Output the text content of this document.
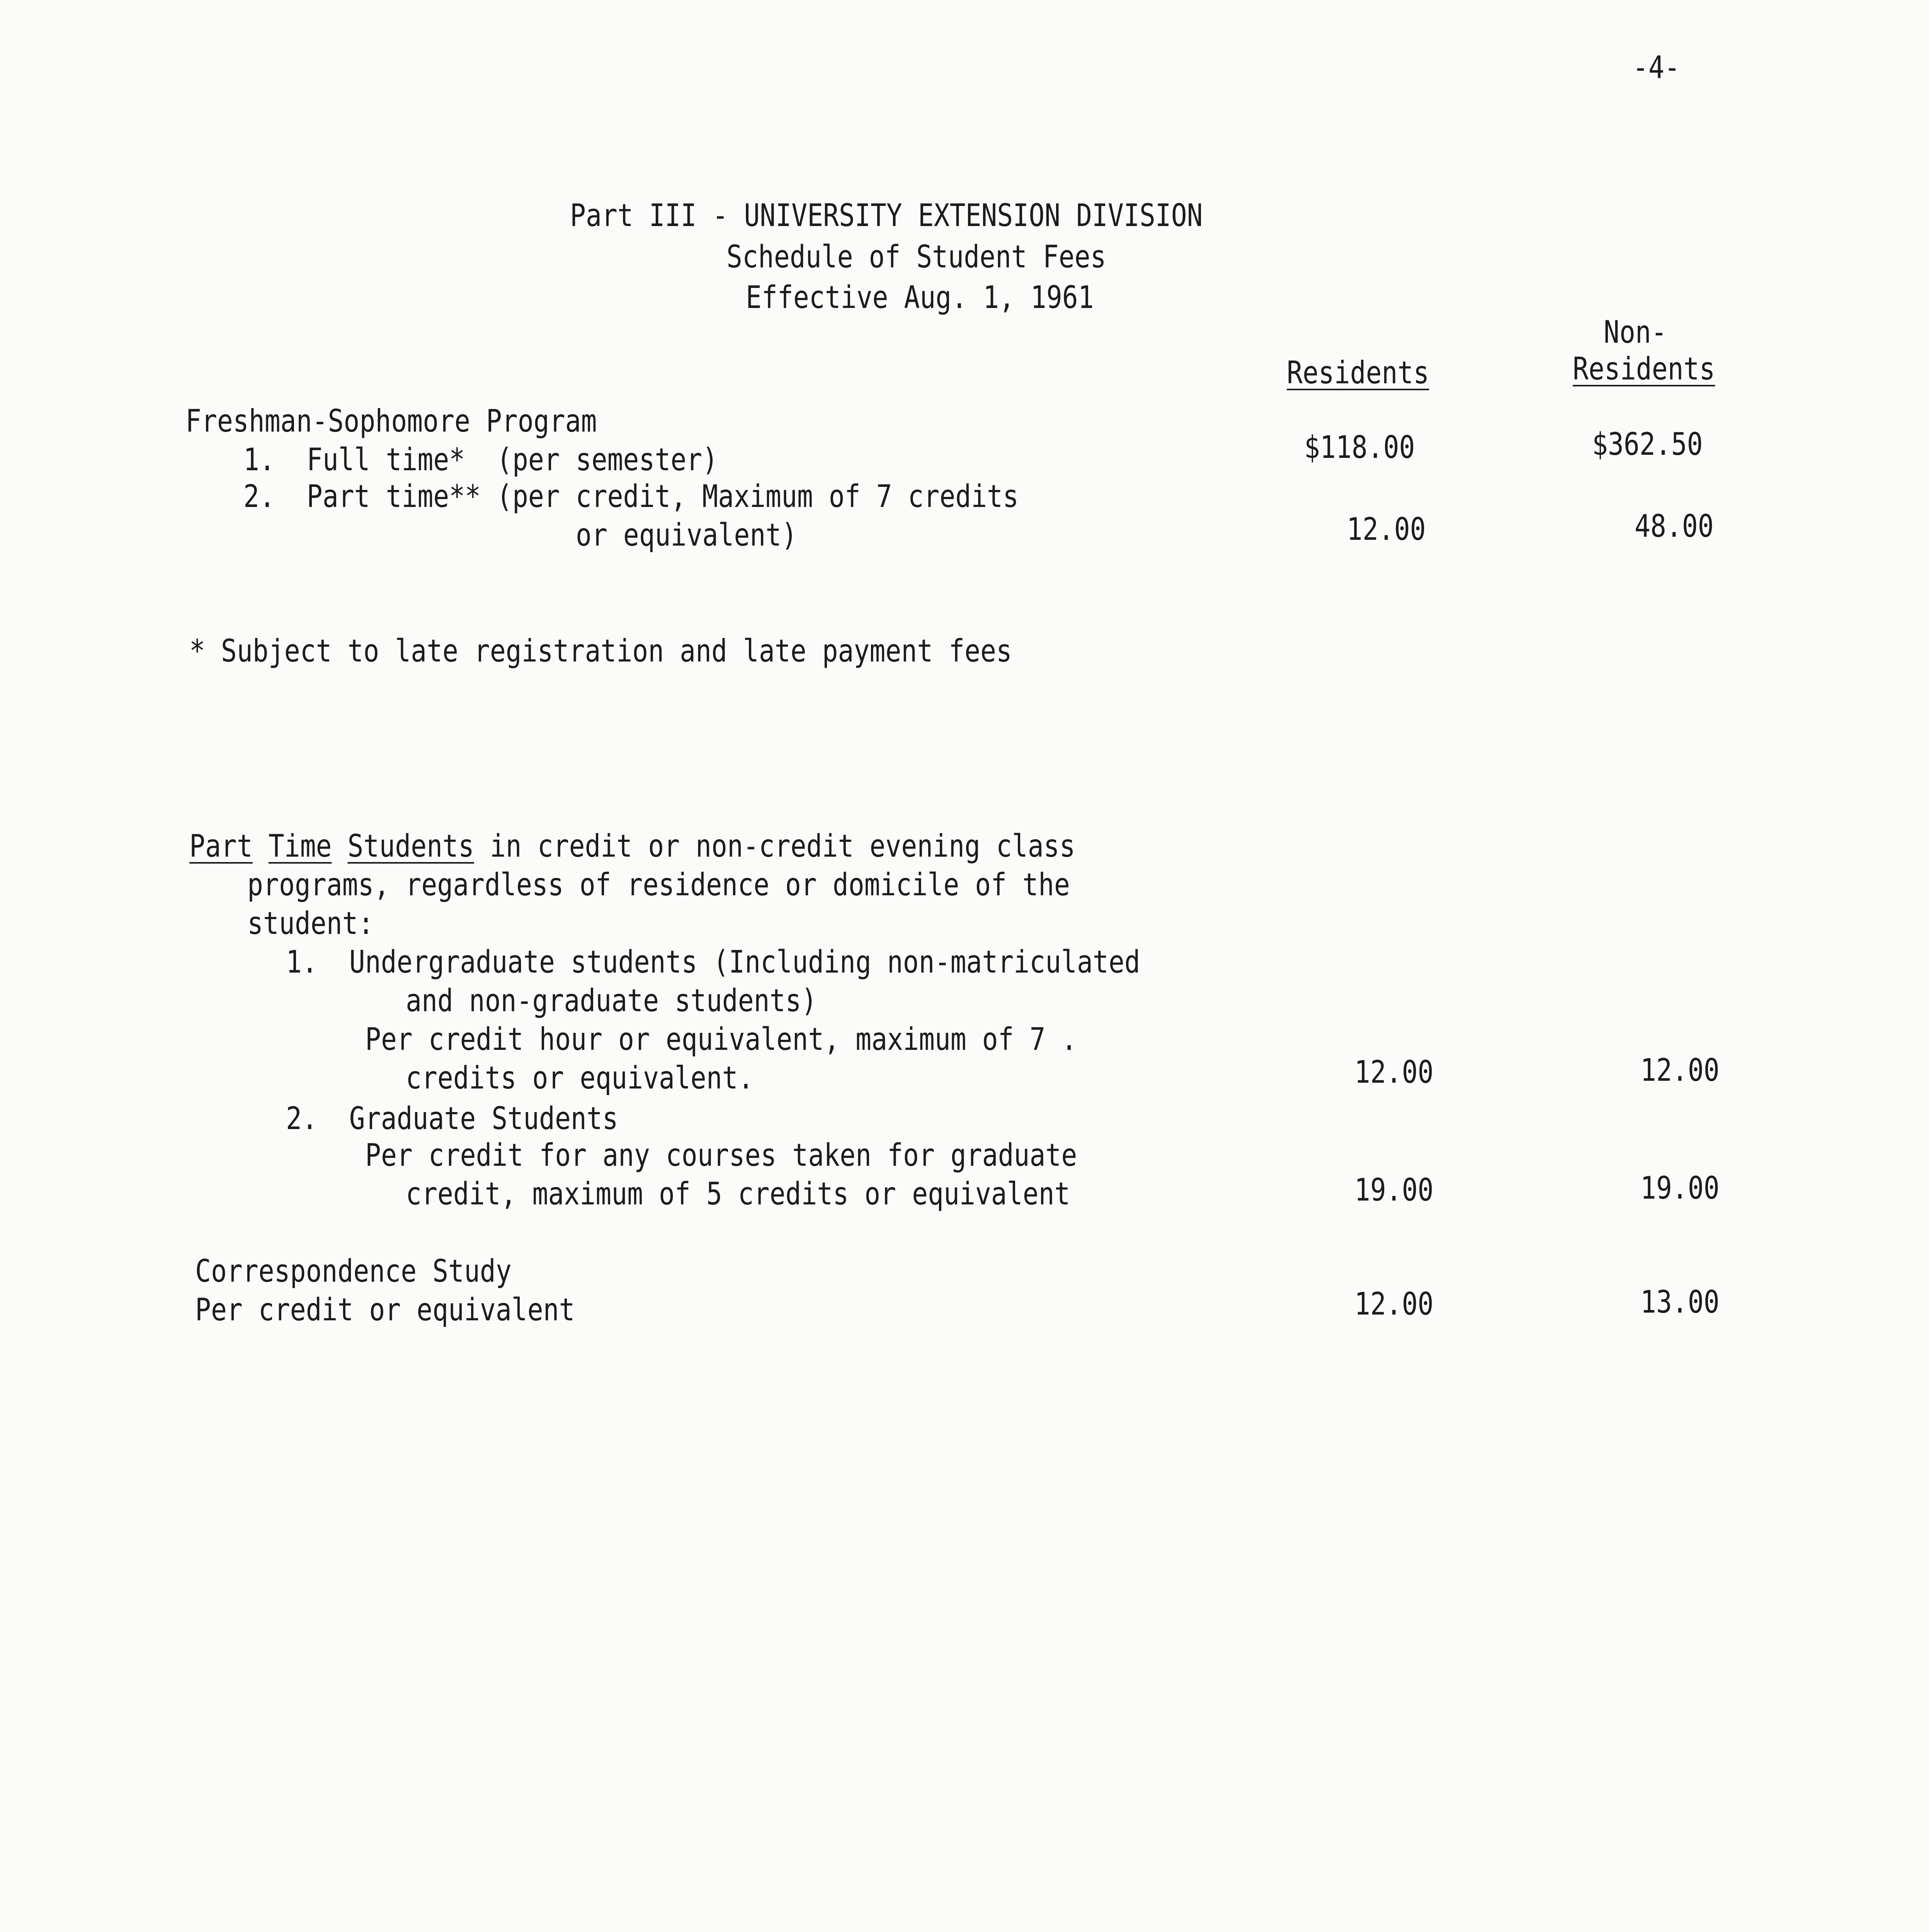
-4-
Part III - UNIVERSITY EXTENSION DIVISION
Schedule of Student Fees
Effective Aug. 1, 1961
Non-
Residents	Residents
Freshman-Sophomore Program
1.  Full time*  (per semester)	$118.00	$362.50
2.  Part time** (per credit, Maximum of 7 credits
or equivalent)	12.00	48.00
* Subject to late registration and late payment fees
Part Time Students in credit or non-credit evening class
programs, regardless of residence or domicile of the
student:
1.  Undergraduate students (Including non-matriculated
and non-graduate students)
Per credit hour or equivalent, maximum of 7 .
credits or equivalent.	12.00	12.00
2.  Graduate Students
Per credit for any courses taken for graduate
credit, maximum of 5 credits or equivalent	19.00	19.00
Correspondence Study
Per credit or equivalent	12.00	13.00
